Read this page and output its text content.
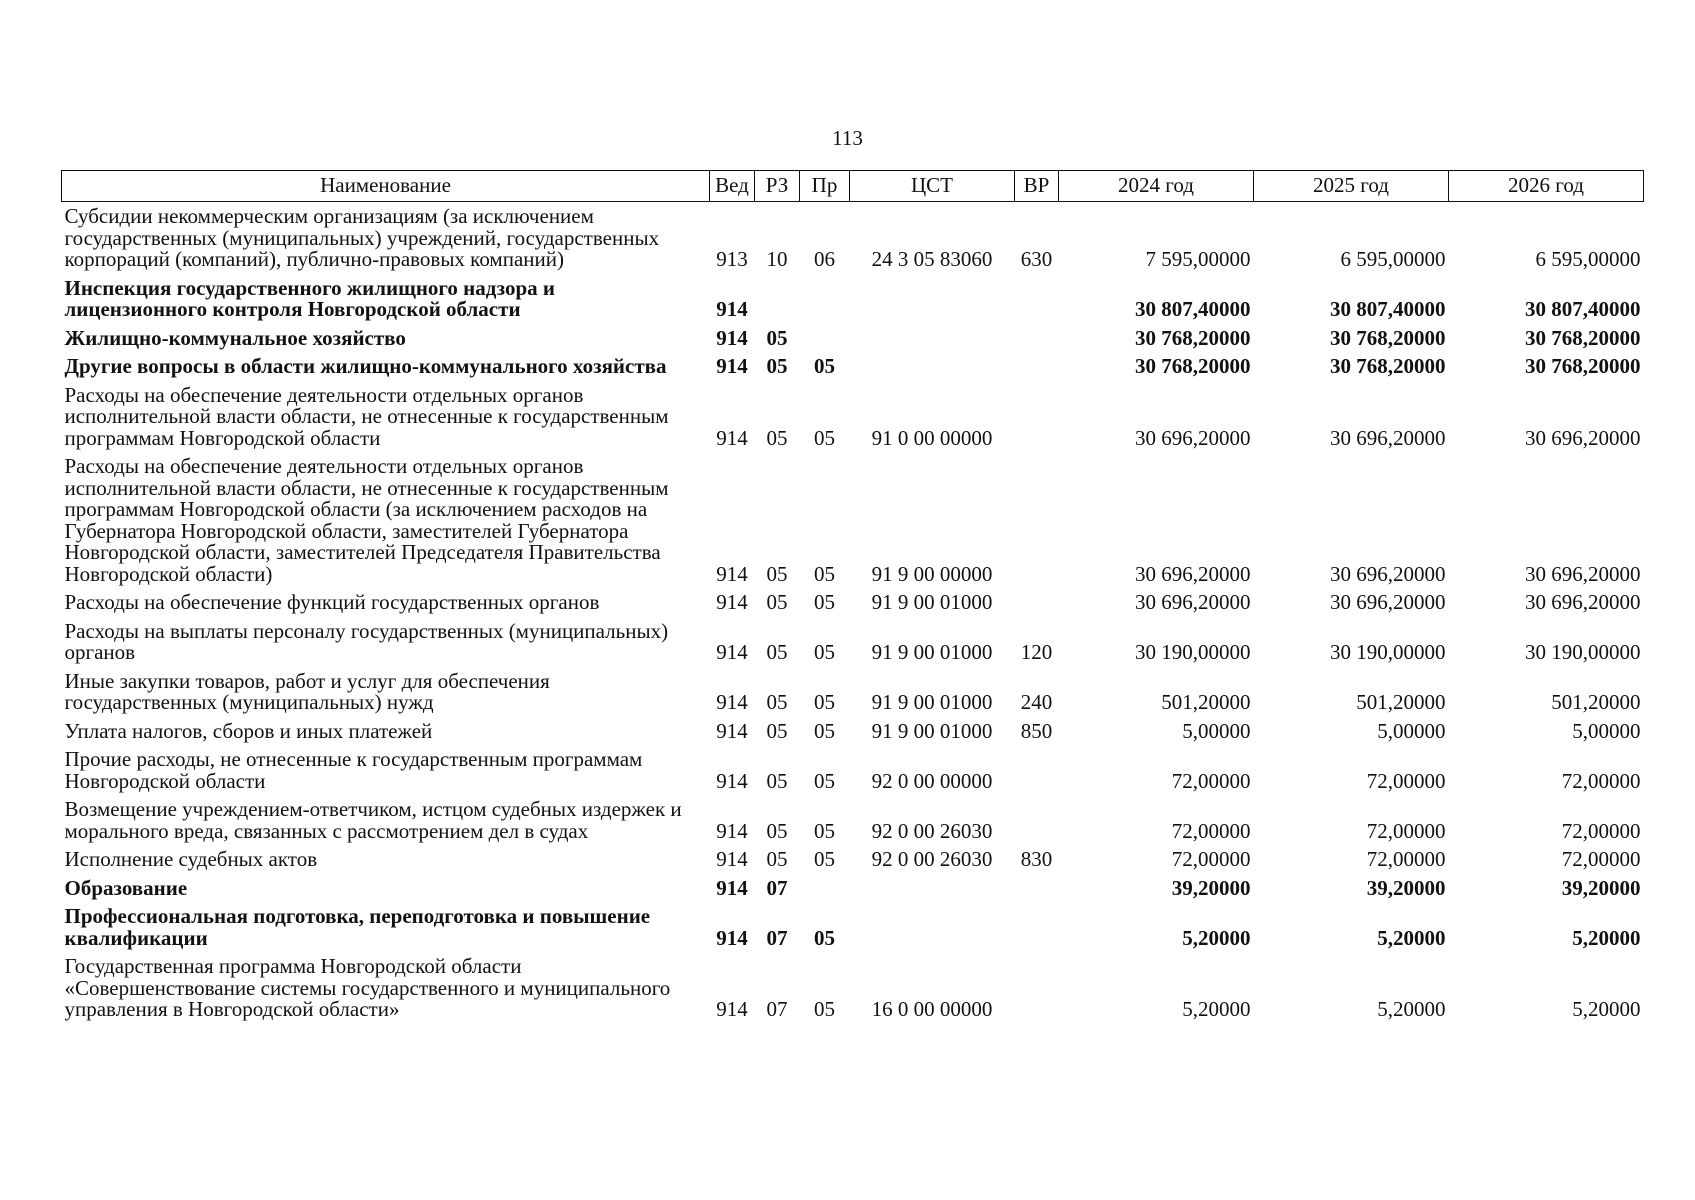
113
Наименование	Вед	РЗ	Пр	ЦСТ	ВР	2024 год	2025 год	2026 год
Субсидии некоммерческим организациям (за исключением государственных (муниципальных) учреждений, государственных корпораций (компаний), публично-правовых компаний)	913	10	06	24 3 05 83060	630	7 595,00000	6 595,00000	6 595,00000
Инспекция государственного жилищного надзора и лицензионного контроля Новгородской области	914					30 807,40000	30 807,40000	30 807,40000
Жилищно-коммунальное хозяйство	914	05				30 768,20000	30 768,20000	30 768,20000
Другие вопросы в области жилищно-коммунального хозяйства	914	05	05			30 768,20000	30 768,20000	30 768,20000
Расходы на обеспечение деятельности отдельных органов исполнительной власти области, не отнесенные к государственным программам Новгородской области	914	05	05	91 0 00 00000		30 696,20000	30 696,20000	30 696,20000
Расходы на обеспечение деятельности отдельных органов исполнительной власти области, не отнесенные к государственным программам Новгородской области (за исключением расходов на Губернатора Новгородской области, заместителей Губернатора Новгородской области, заместителей Председателя Правительства Новгородской области)	914	05	05	91 9 00 00000		30 696,20000	30 696,20000	30 696,20000
Расходы на обеспечение функций государственных органов	914	05	05	91 9 00 01000		30 696,20000	30 696,20000	30 696,20000
Расходы на выплаты персоналу государственных (муниципальных) органов	914	05	05	91 9 00 01000	120	30 190,00000	30 190,00000	30 190,00000
Иные закупки товаров, работ и услуг для обеспечения государственных (муниципальных) нужд	914	05	05	91 9 00 01000	240	501,20000	501,20000	501,20000
Уплата налогов, сборов и иных платежей	914	05	05	91 9 00 01000	850	5,00000	5,00000	5,00000
Прочие расходы, не отнесенные к государственным программам Новгородской области	914	05	05	92 0 00 00000		72,00000	72,00000	72,00000
Возмещение учреждением-ответчиком, истцом судебных издержек и морального вреда, связанных с рассмотрением дел в судах	914	05	05	92 0 00 26030		72,00000	72,00000	72,00000
Исполнение судебных актов	914	05	05	92 0 00 26030	830	72,00000	72,00000	72,00000
Образование	914	07				39,20000	39,20000	39,20000
Профессиональная подготовка, переподготовка и повышение квалификации	914	07	05			5,20000	5,20000	5,20000
Государственная программа Новгородской области «Совершенствование системы государственного и муниципального управления в Новгородской области»	914	07	05	16 0 00 00000		5,20000	5,20000	5,20000
